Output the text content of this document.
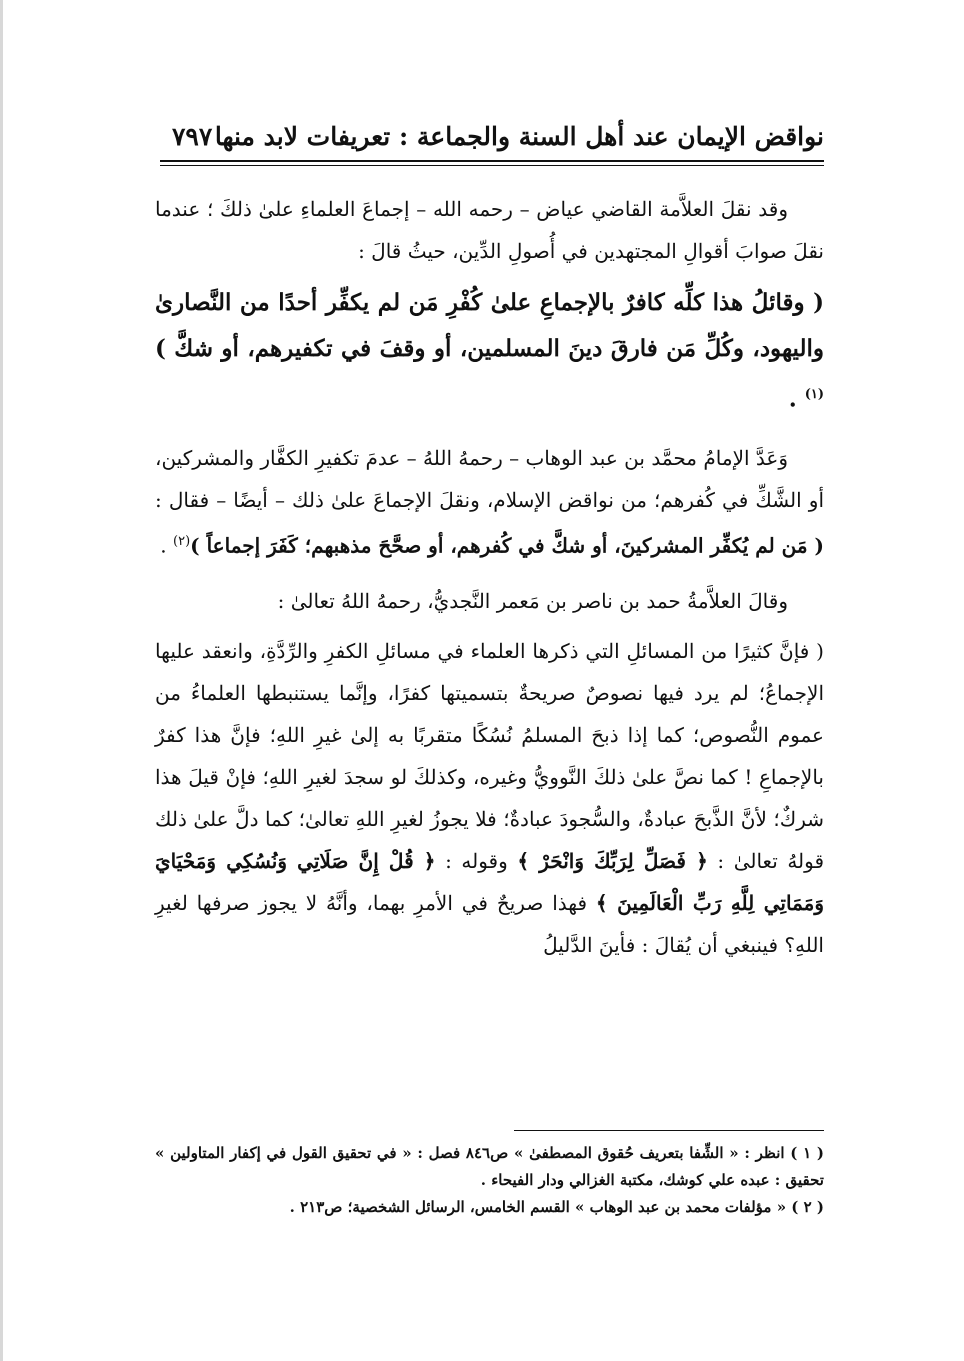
نواقض الإيمان عند أهل السنة والجماعة : تعريفات لابد منها
٧٩٧

وقد نقلَ العلاَّمة القاضي عياض – رحمه الله – إجماعَ العلماءِ علىٰ ذلكَ ؛ عندما نقلَ صوابَ أقوالِ المجتهدين في أُصولِ الدِّين، حيثُ قالَ :

( وقائلُ هذا كلِّه كافرٌ بالإجماعِ علىٰ كُفْرِ مَن لم يكفِّر أحدًا من النَّصارىٰ واليهود، وكُلِّ مَن فارقَ دينَ المسلمين، أو وقفَ في تكفيرهم، أو شكَّ )$^{(١)}$ .

وَعَدَّ الإمامُ محمَّد بن عبد الوهاب – رحمهُ اللهُ – عدمَ تكفيرِ الكفَّار والمشركين، أو الشَّكِّ في كُفرهم؛ من نواقض الإسلام، ونقلَ الإجماعَ علىٰ ذلك – أيضًا – فقال : ( مَن لم يُكفِّر المشركينَ، أو شكَّ في كُفرهم، أو صحَّحَ مذهبهم؛ كَفَرَ إجماعاً )$^{(٢)}$ .

وقالَ العلاَّمةُ حمد بن ناصر بن مَعمر النَّجديُّ، رحمهُ اللهُ تعالىٰ :

( فإنَّ كثيرًا من المسائلِ التي ذكرها العلماء في مسائلِ الكفرِ والرِّدَّةِ، وانعقد عليها الإجماعُ؛ لم يرد فيها نصوصٌ صريحةٌ بتسميتها كفرًا، وإنَّما يستنبطها العلماءُ من عموم النُّصوص؛ كما إذا ذبحَ المسلمُ نُسُكًا متقربًا به إلىٰ غيرِ اللهِ؛ فإنَّ هذا كفرٌ بالإجماعِ ! كما نصَّ علىٰ ذلكَ النَّوويُّ وغيره، وكذلكَ لو سجدَ لغيرِ اللهِ؛ فإنْ قيلَ هذا شركٌ؛ لأنَّ الذَّبحَ عبادةٌ، والسُّجودَ عبادةٌ؛ فلا يجوزُ لغيرِ اللهِ تعالىٰ؛ كما دلَّ علىٰ ذلك قولهُ تعالىٰ : ﴿ فَصَلِّ لِرَبِّكَ وَانْحَرْ ﴾ وقوله : ﴿ قُلْ إِنَّ صَلَاتِي وَنُسُكِي وَمَحْيَايَ وَمَمَاتِي لِلَّهِ رَبِّ الْعَالَمِينَ ﴾ فهذا صريحٌ في الأمرِ بهما، وأنَّهُ لا يجوز صرفها لغيرِ اللهِ؟ فينبغي أن يُقالَ : فأينَ الدَّليلُ

( ١ ) انظر : « الشِّفا بتعريف حُقوق المصطفىٰ » ص٨٤٦ فصل : « في تحقيق القول في إكفار المتاولين » تحقيق : عبده علي كوشك، مكتبة الغزالي ودار الفيحاء .

( ٢ ) « مؤلفات محمد بن عبد الوهاب » القسم الخامس، الرسائل الشخصية؛ ص٢١٣ .
